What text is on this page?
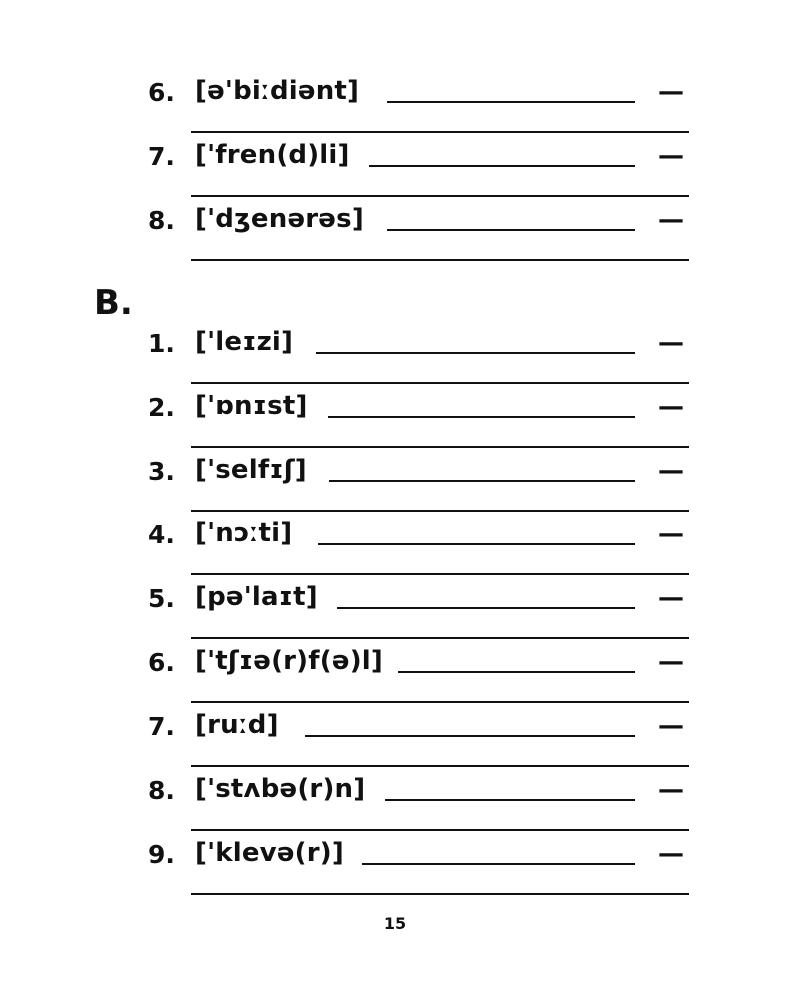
6. [ə'biːdiənt]	—
7. ['fren(d)li]	—
8. ['dʒenərəs]	—
B.
1. ['leɪzi]	—
2. ['ɒnɪst]	—
3. ['selfɪʃ]	—
4. ['nɔːti]	—
5. [pə'laɪt]	—
6. ['tʃɪə(r)f(ə)l]	—
7. [ruːd]	—
8. ['stʌbə(r)n]	—
9. ['klevə(r)]	—
15
